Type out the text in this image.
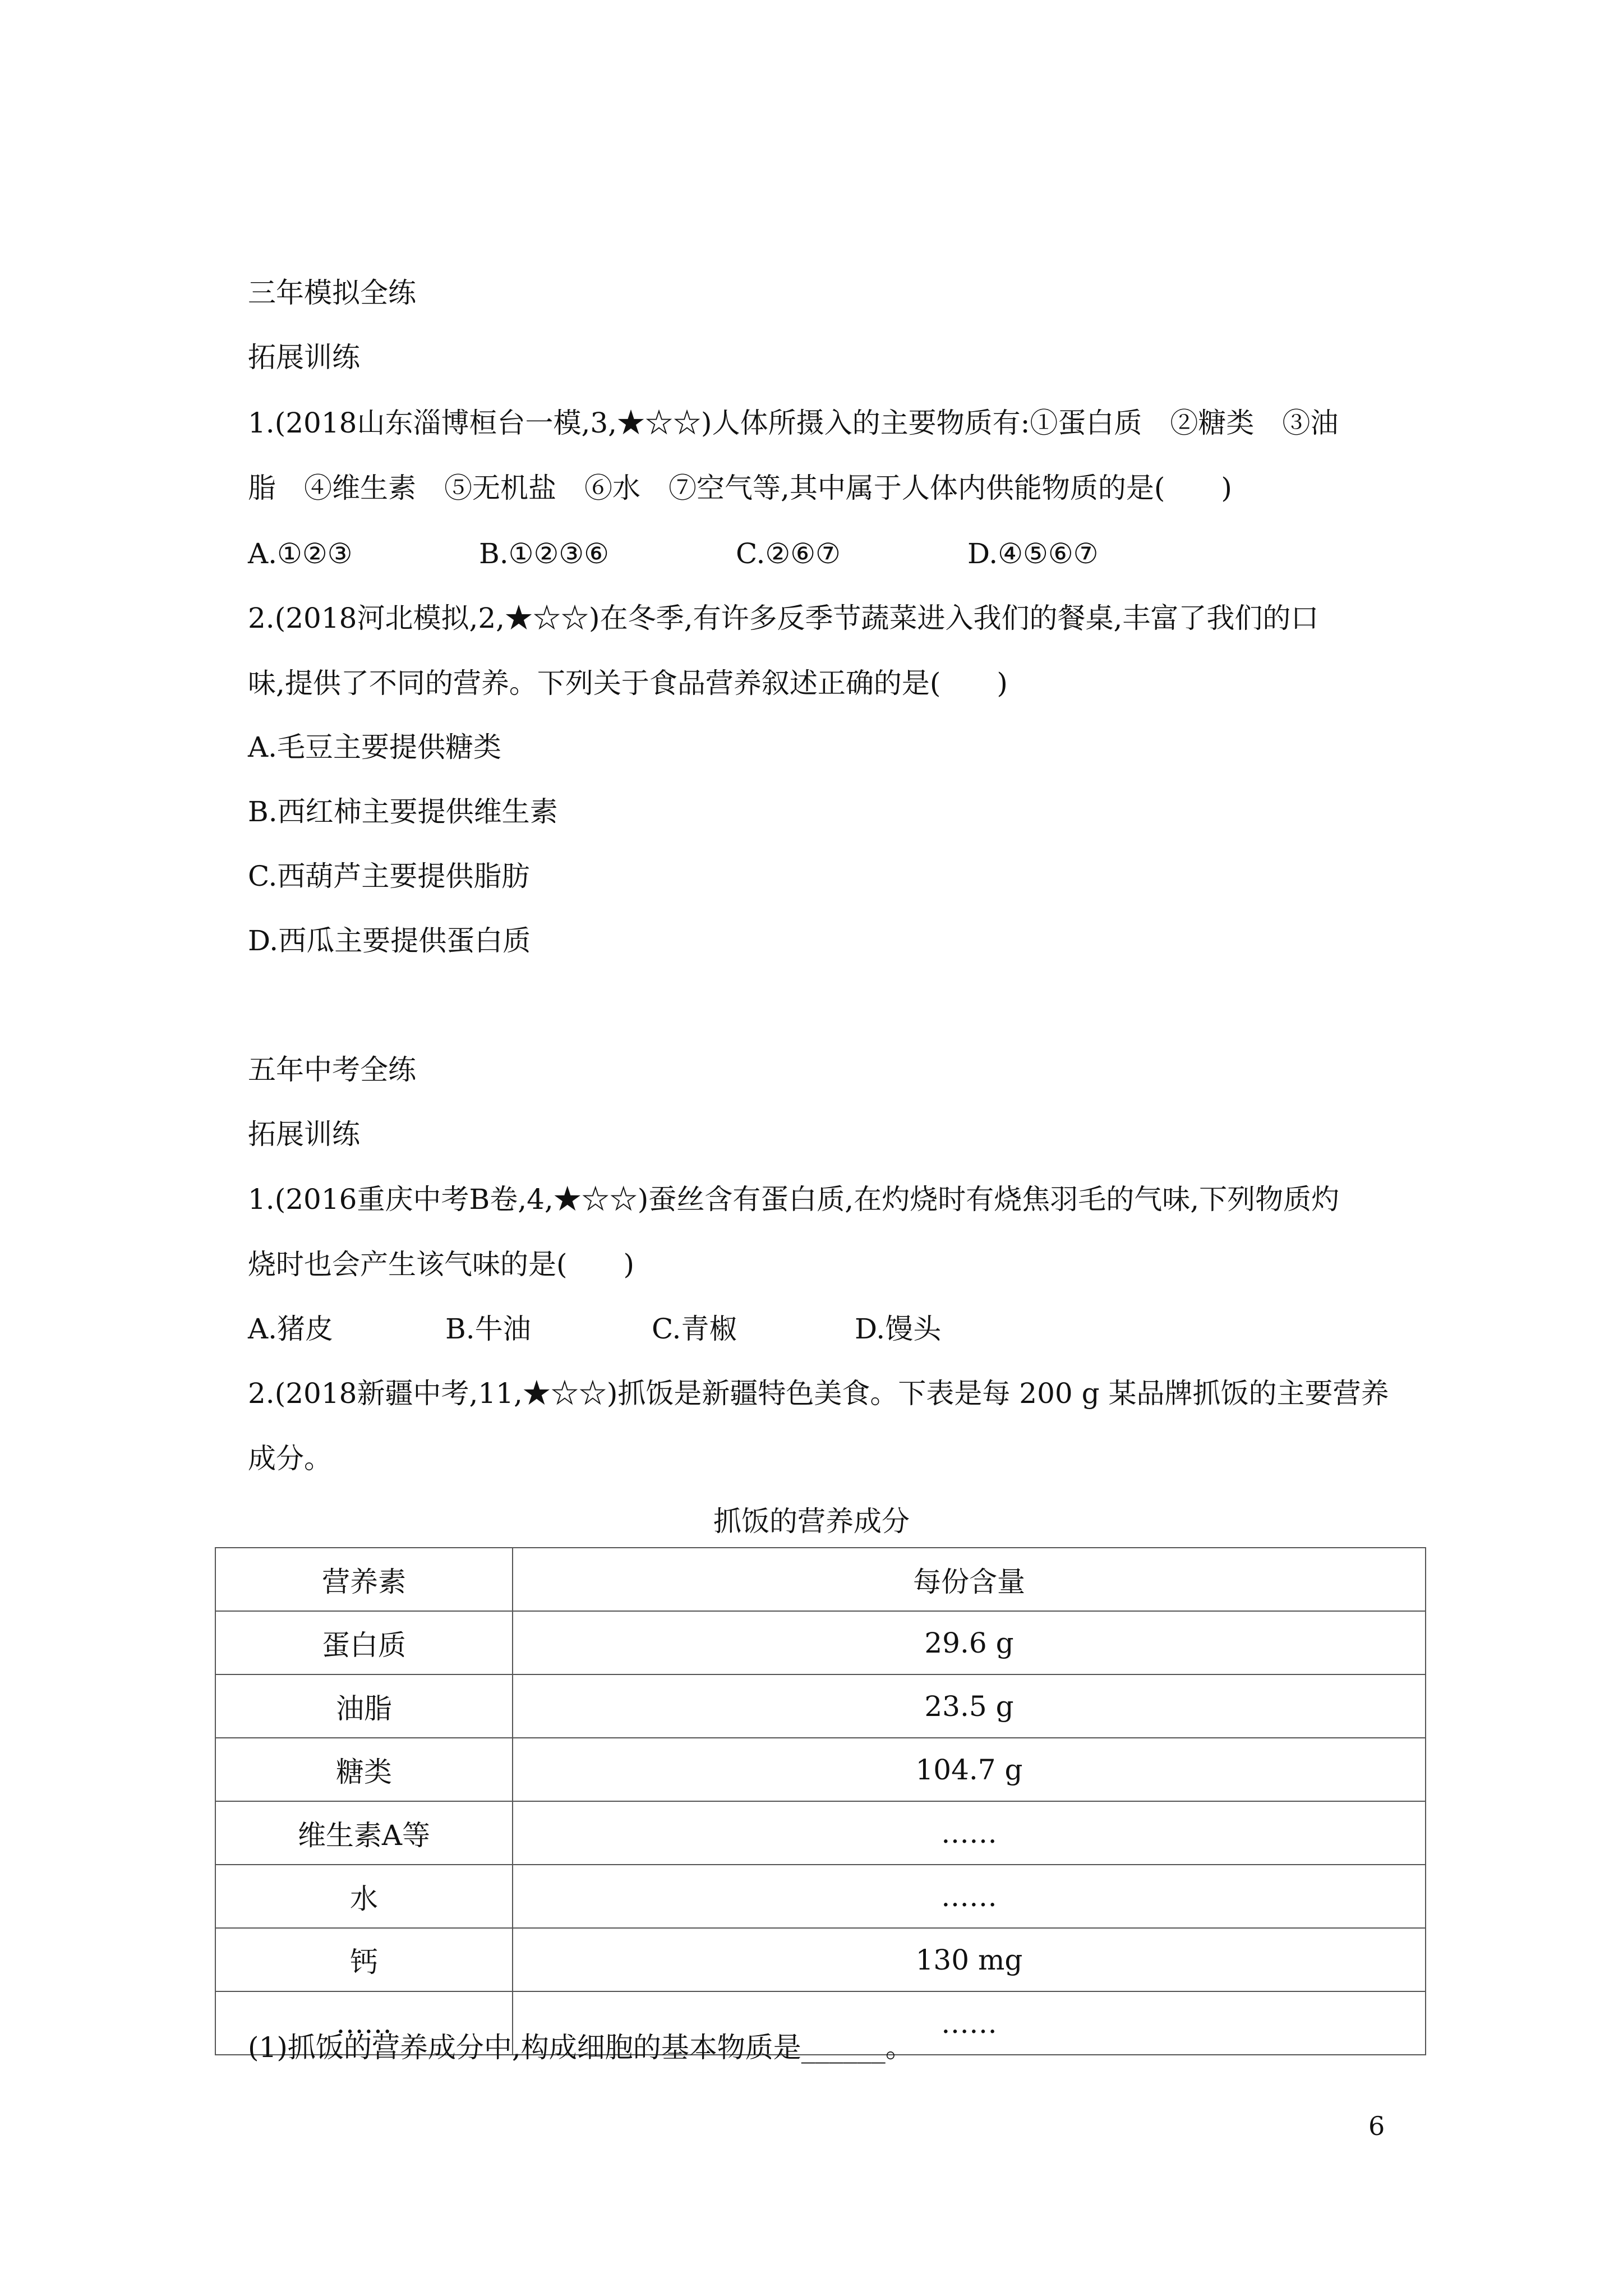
三年模拟全练
拓展训练
1.(2018山东淄博桓台一模,3,★☆☆)人体所摄入的主要物质有:①蛋白质　②糖类　③油
脂　④维生素　⑤无机盐　⑥水　⑦空气等,其中属于人体内供能物质的是(　　)
A.①②③	B.①②③⑥	C.②⑥⑦	D.④⑤⑥⑦
2.(2018河北模拟,2,★☆☆)在冬季,有许多反季节蔬菜进入我们的餐桌,丰富了我们的口
味,提供了不同的营养。下列关于食品营养叙述正确的是(　　)
A.毛豆主要提供糖类
B.西红柿主要提供维生素
C.西葫芦主要提供脂肪
D.西瓜主要提供蛋白质
五年中考全练
拓展训练
1.(2016重庆中考B卷,4,★☆☆)蚕丝含有蛋白质,在灼烧时有烧焦羽毛的气味,下列物质灼
烧时也会产生该气味的是(　　)
A.猪皮	B.牛油	C.青椒	D.馒头
2.(2018新疆中考,11,★☆☆)抓饭是新疆特色美食。下表是每 200 g 某品牌抓饭的主要营养
成分。
抓饭的营养成分
营养素	每份含量
蛋白质	29.6 g
油脂	23.5 g
糖类	104.7 g
维生素A等	……
水	……
钙	130 mg
……	……
(1)抓饭的营养成分中,构成细胞的基本物质是______。
6
